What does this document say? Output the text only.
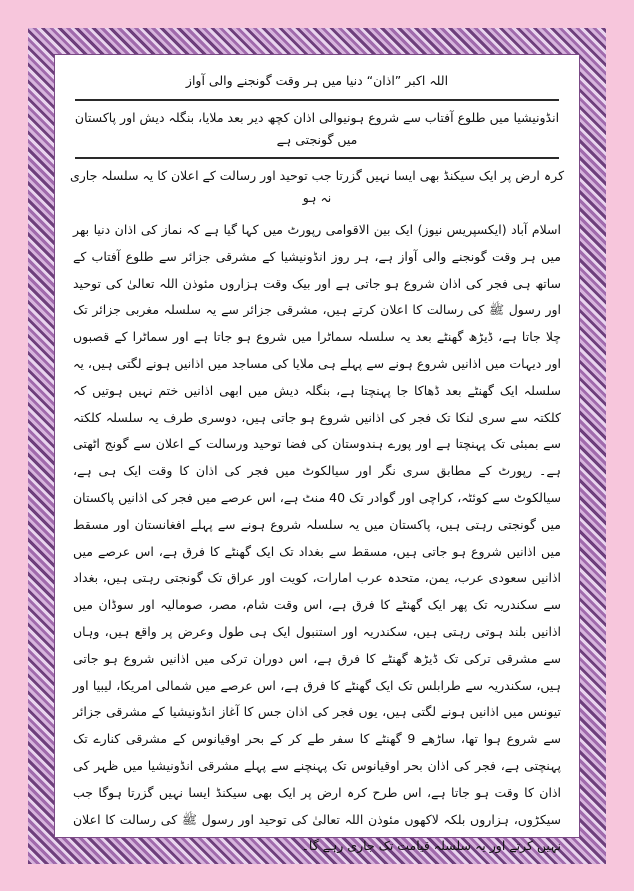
اللہ اکبر ”اذان“ دنیا میں ہر وقت گونجنے والی آواز
انڈونیشیا میں طلوع آفتاب سے شروع ہونیوالی اذان کچھ دیر بعد ملایا، بنگلہ دیش اور پاکستان میں گونجتی ہے
کرہ ارض پر ایک سیکنڈ بھی ایسا نہیں گزرتا جب توحید اور رسالت کے اعلان کا یہ سلسلہ جاری نہ ہو
اسلام آباد (ایکسپریس نیوز) ایک بین الاقوامی رپورٹ میں کہا گیا ہے کہ نماز کی اذان دنیا بھر میں ہر وقت گونجنے والی آواز ہے، ہر روز انڈونیشیا کے مشرقی جزائر سے طلوع آفتاب کے ساتھ ہی فجر کی اذان شروع ہو جاتی ہے اور بیک وقت ہزاروں مئوذن اللہ تعالیٰ کی توحید اور رسول ﷺ کی رسالت کا اعلان کرتے ہیں، مشرقی جزائر سے یہ سلسلہ مغربی جزائر تک چلا جاتا ہے، ڈیڑھ گھنٹے بعد یہ سلسلہ سماٹرا میں شروع ہو جاتا ہے اور سماٹرا کے قصبوں اور دیہات میں اذانیں شروع ہونے سے پہلے ہی ملایا کی مساجد میں اذانیں ہونے لگتی ہیں، یہ سلسلہ ایک گھنٹے بعد ڈھاکا جا پہنچتا ہے، بنگلہ دیش میں ابھی اذانیں ختم نہیں ہوتیں کہ کلکتہ سے سری لنکا تک فجر کی اذانیں شروع ہو جاتی ہیں، دوسری طرف یہ سلسلہ کلکتہ سے بمبئی تک پہنچتا ہے اور پورے ہندوستان کی فضا توحید ورسالت کے اعلان سے گونج اٹھتی ہے۔ رپورٹ کے مطابق سری نگر اور سیالکوٹ میں فجر کی اذان کا وقت ایک ہی ہے، سیالکوٹ سے کوئٹہ، کراچی اور گوادر تک 40 منٹ ہے، اس عرصے میں فجر کی اذانیں پاکستان میں گونجتی رہتی ہیں، پاکستان میں یہ سلسلہ شروع ہونے سے پہلے افغانستان اور مسقط میں اذانیں شروع ہو جاتی ہیں، مسقط سے بغداد تک ایک گھنٹے کا فرق ہے، اس عرصے میں اذانیں سعودی عرب، یمن، متحدہ عرب امارات، کویت اور عراق تک گونجتی رہتی ہیں، بغداد سے سکندریہ تک پھر ایک گھنٹے کا فرق ہے، اس وقت شام، مصر، صومالیہ اور سوڈان میں اذانیں بلند ہوتی رہتی ہیں، سکندریہ اور استنبول ایک ہی طول وعرض پر واقع ہیں، وہاں سے مشرقی ترکی تک ڈیڑھ گھنٹے کا فرق ہے، اس دوران ترکی میں اذانیں شروع ہو جاتی ہیں، سکندریہ سے طرابلس تک ایک گھنٹے کا فرق ہے، اس عرصے میں شمالی امریکا، لیبیا اور تیونس میں اذانیں ہونے لگتی ہیں، یوں فجر کی اذان جس کا آغاز انڈونیشیا کے مشرقی جزائر سے شروع ہوا تھا، ساڑھے 9 گھنٹے کا سفر طے کر کے بحر اوقیانوس کے مشرقی کنارے تک پہنچتی ہے، فجر کی اذان بحر اوقیانوس تک پہنچنے سے پہلے مشرقی انڈونیشیا میں ظہر کی اذان کا وقت ہو جاتا ہے، اس طرح کرہ ارض پر ایک بھی سیکنڈ ایسا نہیں گزرتا ہوگا جب سیکڑوں، ہزاروں بلکہ لاکھوں مئوذن اللہ تعالیٰ کی توحید اور رسول ﷺ کی رسالت کا اعلان نہیں کرتے اور یہ سلسلہ قیامت تک جاری رہے گا۔
